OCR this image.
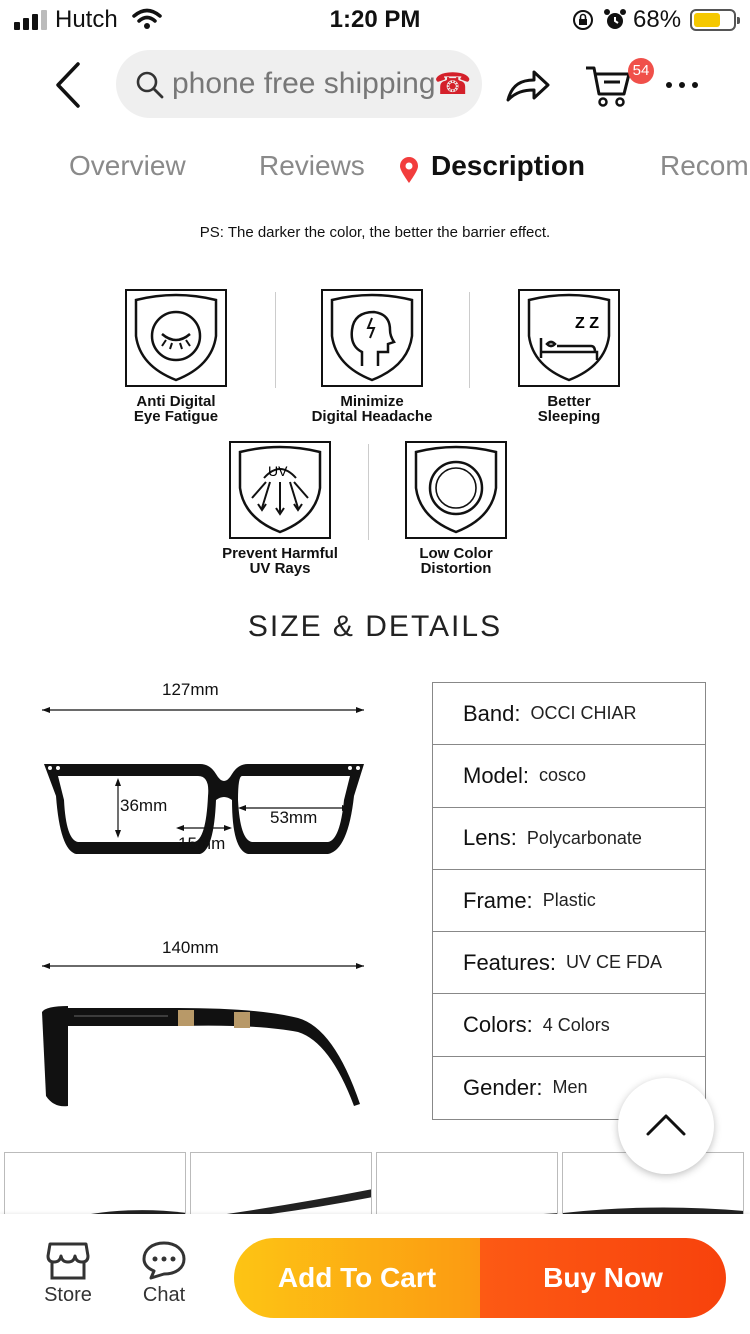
Hutch	1:20 PM	68%
phone free shipping
☎	54
Overview	Reviews Description	Recom
PS: The darker the color, the better the barrier effect.
Anti Digital
Eye Fatigue
Minimize
Digital Headache
Z Z
Better
Sleeping
UV
Prevent Harmful
UV Rays
Low Color
Distortion
SIZE & DETAILS
127mm
36mm
53mm
15mm
140mm
Band: OCCI CHIAR
Model: cosco
Lens: Polycarbonate
Frame: Plastic
Features: UV CE FDA
Colors: 4 Colors
Gender: Men
Store	Chat
Add To Cart	Buy Now
